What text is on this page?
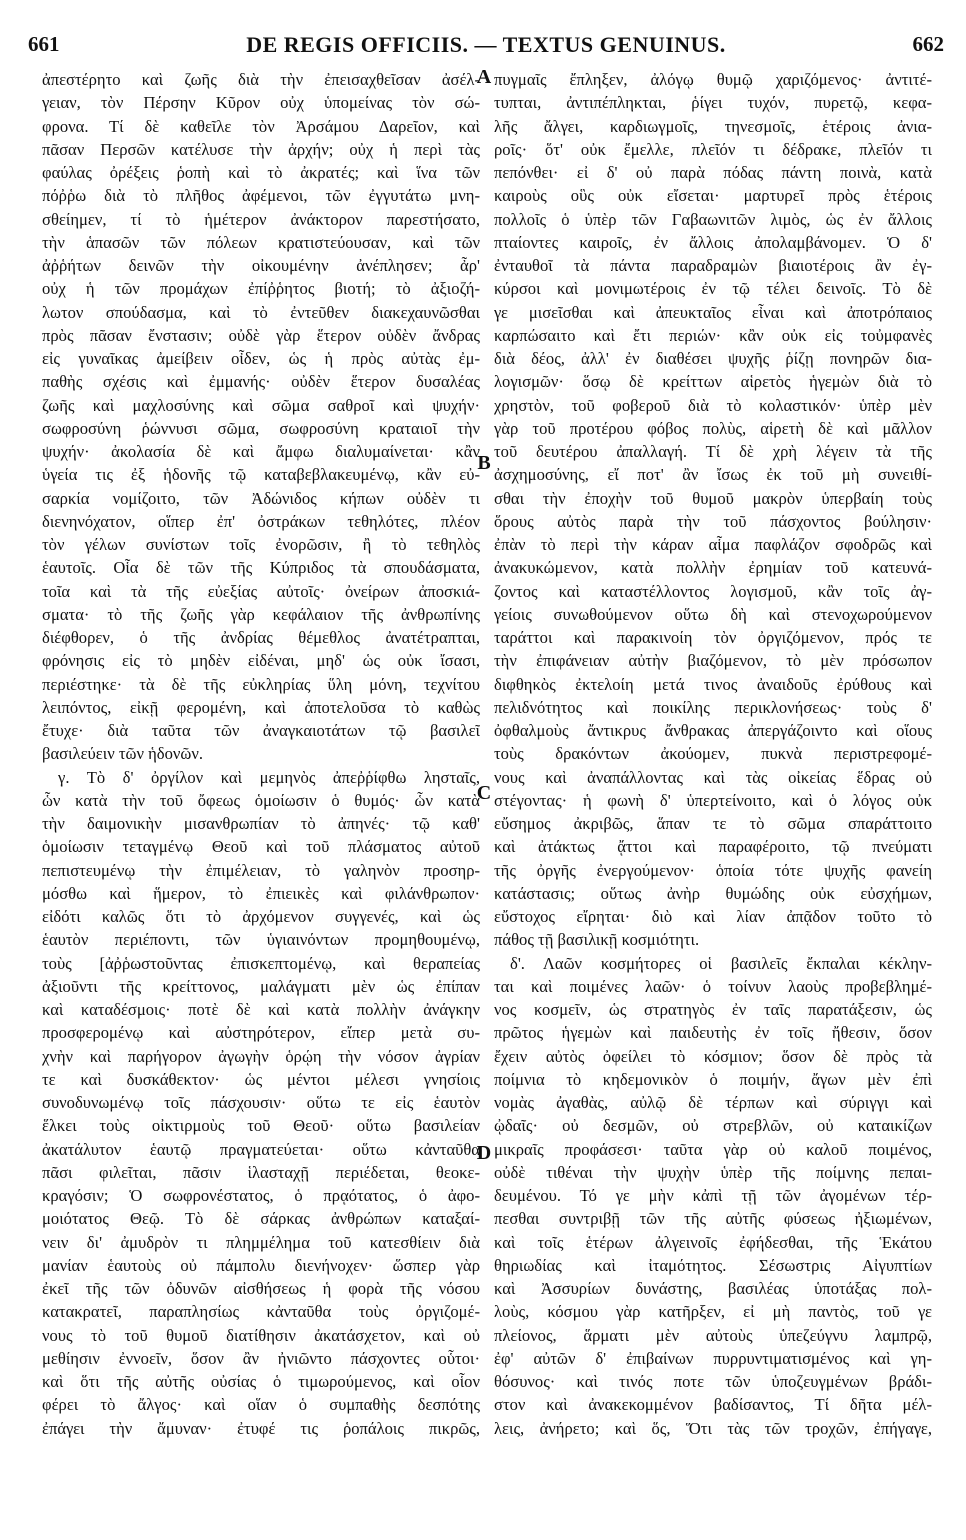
661	DE REGIS OFFICIIS. — TEXTUS GENUINUS.	662

ἀπεστέρητο καὶ ζωῆς διὰ τὴν ἐπεισαχθεῖσαν ἀσέλ-

γειαν, τὸν Πέρσην Κῦρον οὐχ ὑπομείνας τὸν σώ-

φρονα. Τί δὲ καθεῖλε τὸν Ἀρσάμου Δαρεῖον, καὶ

πᾶσαν Περσῶν κατέλυσε τὴν ἀρχήν; οὐχ ἡ περὶ τὰς

φαύλας ὀρέξεις ῥοπὴ καὶ τὸ ἀκρατές; καὶ ἵνα τῶν

πόῤῥω διὰ τὸ πλῆθος ἀφέμενοι, τῶν ἐγγυτάτω μνη-

σθείημεν, τί τὸ ἡμέτερον ἀνάκτορον παρεστήσατο,

τὴν ἁπασῶν τῶν πόλεων κρατιστεύουσαν, καὶ τῶν

ἀῤῥήτων δεινῶν τὴν οἰκουμένην ἀνέπλησεν; ἆρ'

οὐχ ἡ τῶν προμάχων ἐπίῤῥητος βιοτή; τὸ ἀξιοζή-

λωτον σπούδασμα, καὶ τὸ ἐντεῦθεν διακεχαυνῶσθαι

πρὸς πᾶσαν ἔνστασιν; οὐδὲ γὰρ ἕτερον οὐδὲν ἄνδρας

εἰς γυναῖκας ἀμείβειν οἶδεν, ὡς ἡ πρὸς αὐτὰς ἐμ-

παθὴς σχέσις καὶ ἐμμανής· οὐδὲν ἕτερον δυσαλέας

ζωῆς καὶ μαχλοσύνης καὶ σῶμα σαθροῖ καὶ ψυχήν·

σωφροσύνη ῥώννυσι σῶμα, σωφροσύνη κραταιοῖ τὴν

ψυχήν· ἀκολασία δὲ καὶ ἄμφω διαλυμαίνεται· κἂν

ὑγεία τις ἐξ ἡδονῆς τῷ καταβεβλακευμένῳ, κἂν εὐ-

σαρκία νομίζοιτο, τῶν Ἀδώνιδος κήπων οὐδὲν τι

διενηνόχατον, οἵπερ ἐπ' ὀστράκων τεθηλότες, πλέον

τὸν γέλων συνίστων τοῖς ἐνορῶσιν, ἢ τὸ τεθηλὸς

ἑαυτοῖς. Οἷα δὲ τῶν τῆς Κύπριδος τὰ σπουδάσματα,

τοῖα καὶ τὰ τῆς εὐεξίας αὐτοῖς· ὀνείρων ἀποσκιά-

σματα· τὸ τῆς ζωῆς γὰρ κεφάλαιον τῆς ἀνθρωπίνης

διέφθορεν, ὁ τῆς ἀνδρίας θέμεθλος ἀνατέτραπται,

φρόνησις εἰς τὸ μηδὲν εἰδέναι, μηδ' ὡς οὐκ ἴσασι,

περιέστηκε· τὰ δὲ τῆς εὐκληρίας ὕλη μόνη, τεχνίτου

λειπόντος, εἰκῇ φερομένη, καὶ ἀποτελοῦσα τὸ καθὼς

ἔτυχε· διὰ ταῦτα τῶν ἀναγκαιοτάτων τῷ βασιλεῖ

βασιλεύειν τῶν ἡδονῶν.

γ. Τὸ δ' ὀργίλον καὶ μεμηνὸς ἀπεῤῥίφθω λησταῖς,

ὧν κατὰ τὴν τοῦ ὄφεως ὁμοίωσιν ὁ θυμός· ὧν κατὰ

τὴν δαιμονικὴν μισανθρωπίαν τὸ ἀπηνές· τῷ καθ'

ὁμοίωσιν τεταγμένῳ Θεοῦ καὶ τοῦ πλάσματος αὐτοῦ

πεπιστευμένῳ τὴν ἐπιμέλειαν, τὸ γαληνὸν προσηρ-

μόσθω καὶ ἥμερον, τὸ ἐπιεικὲς καὶ φιλάνθρωπον·

εἰδότι καλῶς ὅτι τὸ ἀρχόμενον συγγενές, καὶ ὡς

ἑαυτὸν περιέποντι, τῶν ὑγιαινόντων προμηθουμένῳ,

τοὺς [ἀῤῥωστοῦντας ἐπισκεπτομένῳ, καὶ θεραπείας

ἀξιοῦντι τῆς κρείττονος, μαλάγματι μὲν ὡς ἐπίπαν

καὶ καταδέσμοις· ποτὲ δὲ καὶ κατὰ πολλὴν ἀνάγκην

προσφερομένῳ καὶ αὐστηρότερον, εἴπερ μετὰ συ-

χνὴν καὶ παρήγορον ἀγωγὴν ὁρῴη τὴν νόσον ἀγρίαν

τε καὶ δυσκάθεκτον· ὡς μέντοι μέλεσι γνησίοις

συνοδυνωμένῳ τοῖς πάσχουσιν· οὕτω τε εἰς ἑαυτὸν

ἕλκει τοὺς οἰκτιρμοὺς τοῦ Θεοῦ· οὕτω βασιλείαν

ἀκατάλυτον ἑαυτῷ πραγματεύεται· οὕτω κἀνταῦθα

πᾶσι φιλεῖται, πᾶσιν ἱλασταχῇ περιέδεται, θεοκε-

κραγόσιν; Ὁ σωφρονέστατος, ὁ πρᾳότατος, ὁ ἀφο-

μοιότατος Θεῷ. Τὸ δὲ σάρκας ἀνθρώπων καταξαί-

νειν δι' ἀμυδρὸν τι πλημμέλημα τοῦ κατεσθίειν διὰ

μανίαν ἑαυτοὺς οὐ πάμπολυ διενήνοχεν· ὥσπερ γὰρ

ἐκεῖ τῆς τῶν ὀδυνῶν αἰσθήσεως ἡ φορὰ τῆς νόσου

κατακρατεῖ, παραπλησίως κἀνταῦθα τοὺς ὀργιζομέ-

νους τὸ τοῦ θυμοῦ διατίθησιν ἀκατάσχετον, καὶ οὐ

μεθίησιν ἐννοεῖν, ὅσον ἂν ἠνιῶντο πάσχοντες οὗτοι·

καὶ ὅτι τῆς αὐτῆς οὐσίας ὁ τιμωρούμενος, καὶ οἷον

φέρει τὸ ἄλγος· καὶ οἵαν ὁ συμπαθὴς δεσπότης

ἐπάγει τὴν ἄμυναν· ἐτυφέ τις ῥοπάλοις πικρῶς,

πυγμαῖς ἔπληξεν, ἀλόγῳ θυμῷ χαριζόμενος· ἀντιτέ-

τυπται, ἀντιπέπληκται, ῥίγει τυχόν, πυρετῷ, κεφα-

λῆς ἄλγει, καρδιωγμοῖς, τηνεσμοῖς, ἑτέροις ἀνια-

ροῖς· ὅτ' οὐκ ἔμελλε, πλεῖόν τι δέδρακε, πλεῖόν τι

πεπόνθει· εἰ δ' οὐ παρὰ πόδας πάντη ποινὰ, κατὰ

καιροὺς οὓς οὐκ εἴσεται· μαρτυρεῖ πρὸς ἑτέροις

πολλοῖς ὁ ὑπὲρ τῶν Γαβαωνιτῶν λιμὸς, ὡς ἐν ἄλλοις

πταίοντες καιροῖς, ἐν ἄλλοις ἀπολαμβάνομεν. Ὁ δ'

ἐνταυθοῖ τὰ πάντα παραδραμὼν βιαιοτέροις ἂν ἐγ-

κύρσοι καὶ μονιμωτέροις ἐν τῷ τέλει δεινοῖς. Τὸ δὲ

γε μισεῖσθαι καὶ ἀπευκταῖος εἶναι καὶ ἀποτρόπαιος

καρπώσαιτο καὶ ἔτι περιών· κἂν οὐκ εἰς τοὐμφανὲς

διὰ δέος, ἀλλ' ἐν διαθέσει ψυχῆς ῥίζῃ πονηρῶν δια-

λογισμῶν· ὅσῳ δὲ κρείττων αἱρετὸς ἡγεμὼν διὰ τὸ

χρηστὸν, τοῦ φοβεροῦ διὰ τὸ κολαστικόν· ὑπὲρ μὲν

γὰρ τοῦ προτέρου φόβος πολὺς, αἱρετὴ δὲ καὶ μᾶλλον

τοῦ δευτέρου ἀπαλλαγή. Τί δὲ χρὴ λέγειν τὰ τῆς

ἀσχημοσύνης, εἴ ποτ' ἂν ἴσως ἐκ τοῦ μὴ συνειθί-

σθαι τὴν ἐποχὴν τοῦ θυμοῦ μακρὸν ὑπερβαίη τοὺς

ὅρους αὐτὸς παρὰ τὴν τοῦ πάσχοντος βούλησιν·

ἐπὰν τὸ περὶ τὴν κάραν αἷμα παφλάζον σφοδρῶς καὶ

ἀνακυκώμενον, κατὰ πολλὴν ἐρημίαν τοῦ κατευνά-

ζοντος καὶ καταστέλλοντος λογισμοῦ, κἂν τοῖς ἀγ-

γείοις συνωθούμενον οὕτω δὴ καὶ στενοχωρούμενον

ταράττοι καὶ παρακινοίη τὸν ὀργιζόμενον, πρός τε

τὴν ἐπιφάνειαν αὐτὴν βιαζόμενον, τὸ μὲν πρόσωπον

διφθηκὸς ἐκτελοίη μετά τινος ἀναιδοῦς ἐρύθους καὶ

πελιδνότητος καὶ ποικίλης περικλονήσεως· τοὺς δ'

ὀφθαλμοὺς ἄντικρυς ἄνθρακας ἀπεργάζοιντο καὶ οἵους

τοὺς δρακόντων ἀκούομεν, πυκνὰ περιστρεφομέ-

νους καὶ ἀναπάλλοντας καὶ τὰς οἰκείας ἕδρας οὐ

στέγοντας· ἡ φωνὴ δ' ὑπερτείνοιτο, καὶ ὁ λόγος οὐκ

εὔσημος ἀκριβῶς, ἅπαν τε τὸ σῶμα σπαράττοιτο

καὶ ἀτάκτως ᾄττοι καὶ παραφέροιτο, τῷ πνεύματι

τῆς ὀργῆς ἐνεργούμενον· ὁποία τότε ψυχῆς φανείη

κατάστασις; οὕτως ἀνὴρ θυμώδης οὐκ εὐσχήμων,

εὔστοχος εἴρηται· διὸ καὶ λίαν ἀπᾷδον τοῦτο τὸ

πάθος τῇ βασιλικῇ κοσμιότητι.

δ'. Λαῶν κοσμήτορες οἱ βασιλεῖς ἔκπαλαι κέκλην-

ται καὶ ποιμένες λαῶν· ὁ τοίνυν λαοὺς προβεβλημέ-

νος κοσμεῖν, ὡς στρατηγὸς ἐν ταῖς παρατάξεσιν, ὡς

πρῶτος ἡγεμὼν καὶ παιδευτὴς ἐν τοῖς ἤθεσιν, ὅσον

ἔχειν αὐτὸς ὀφείλει τὸ κόσμιον; ὅσον δὲ πρὸς τὰ

ποίμνια τὸ κηδεμονικὸν ὁ ποιμήν, ἄγων μὲν ἐπὶ

νομὰς ἀγαθὰς, αὐλῷ δὲ τέρπων καὶ σύριγγι καὶ

ᾠδαῖς· οὐ δεσμῶν, οὐ στρεβλῶν, οὐ καταικίζων

μικραῖς προφάσεσι· ταῦτα γὰρ οὐ καλοῦ ποιμένος,

οὐδὲ τιθέναι τὴν ψυχὴν ὑπὲρ τῆς ποίμνης πεπαι-

δευμένου. Τό γε μὴν κἀπὶ τῇ τῶν ἀγομένων τέρ-

πεσθαι συντριβῇ τῶν τῆς αὐτῆς φύσεως ἠξιωμένων,

καὶ τοῖς ἑτέρων ἀλγεινοῖς ἐφήδεσθαι, τῆς Ἑκάτου

θηριωδίας καὶ ἰταμότητος. Σέσωστρις Αἰγυπτίων

καὶ Ἀσσυρίων δυνάστης, βασιλέας ὑποτάξας πολ-

λοὺς, κόσμου γὰρ κατῆρξεν, εἰ μὴ παντὸς, τοῦ γε

πλείονος, ἅρματι μὲν αὐτοὺς ὑπεζεύγνυ λαμπρῷ,

ἐφ' αὐτῶν δ' ἐπιβαίνων πυρρυντιματισμένος καὶ γη-

θόσυνος· καὶ τινός ποτε τῶν ὑποζευγμένων βράδι-

στον καὶ ἀνακεκομμένον βαδίσαντος, Τί δῆτα μέλ-

λεις, ἀνήρετο; καὶ ὅς, Ὅτι τὰς τῶν τροχῶν, ἐπήγαγε,

A
B
C
D
